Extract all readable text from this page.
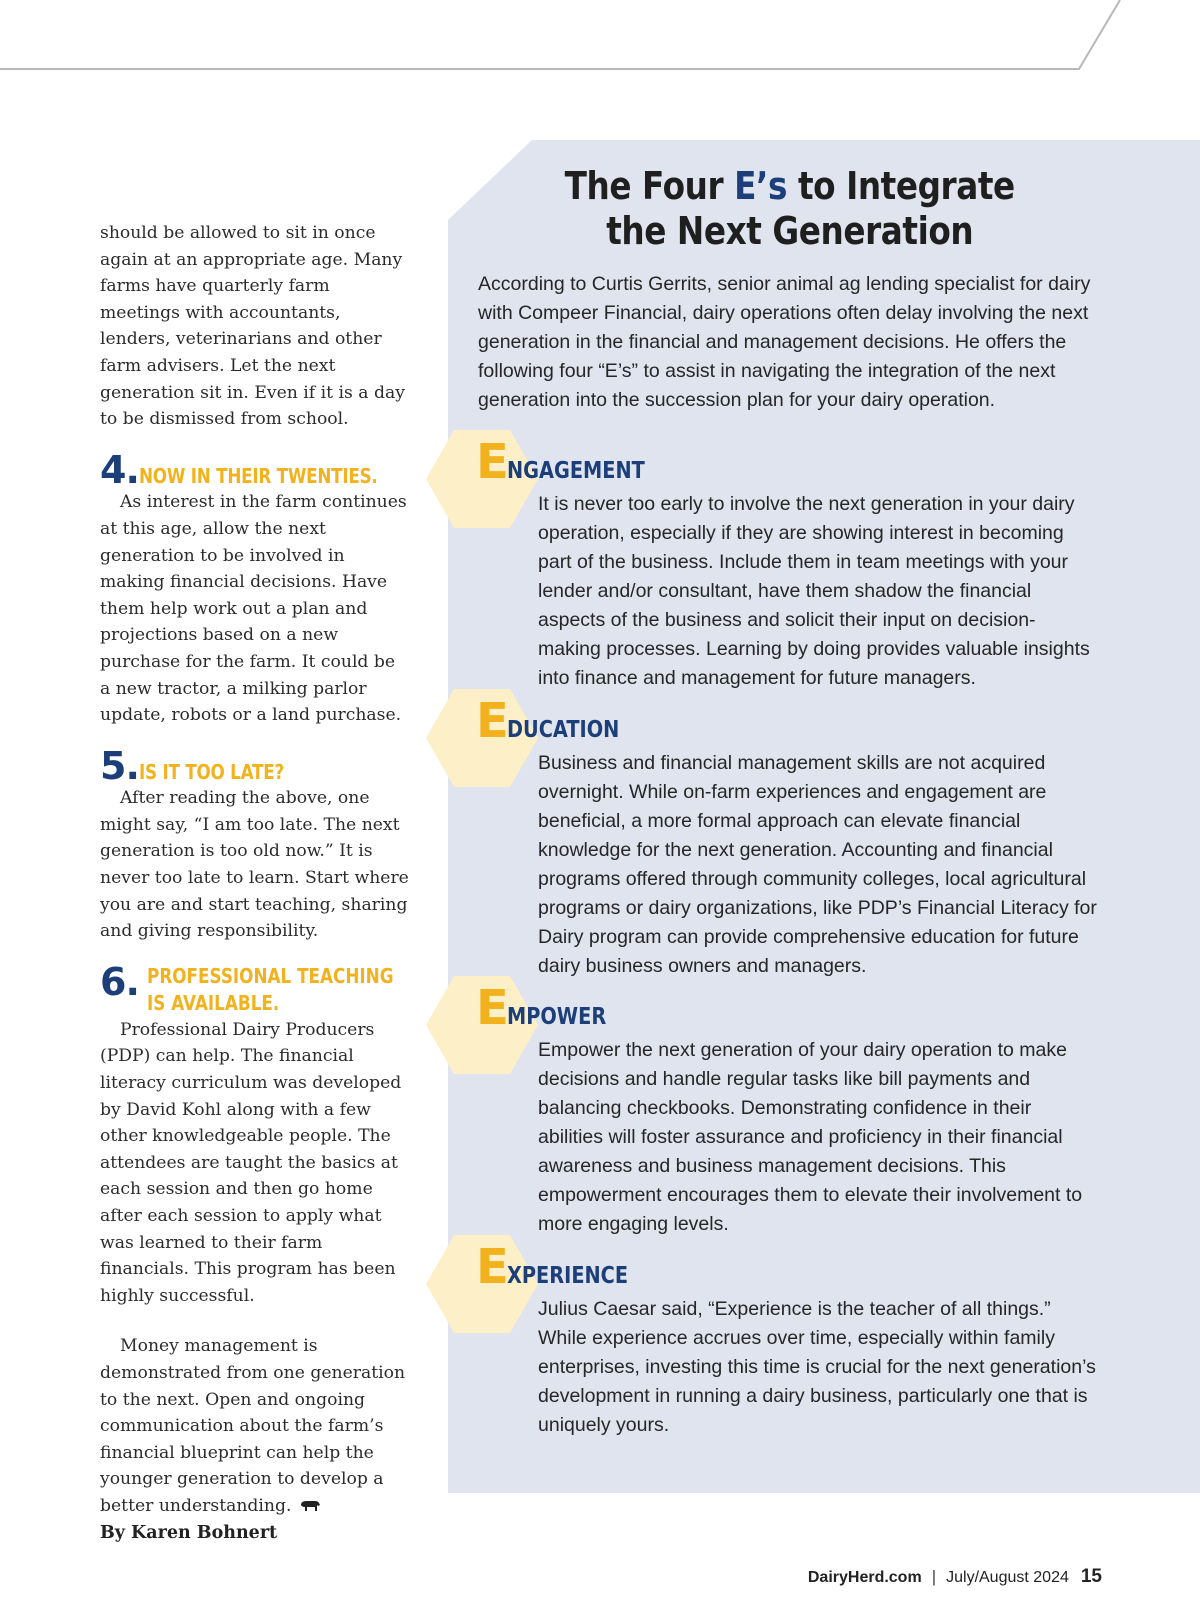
should be allowed to sit in once again at an appropriate age. Many farms have quarterly farm meetings with accountants, lenders, veterinarians and other farm advisers. Let the next generation sit in. Even if it is a day to be dismissed from school.

4. NOW IN THEIR TWENTIES.

As interest in the farm continues at this age, allow the next generation to be involved in making financial decisions. Have them help work out a plan and projections based on a new purchase for the farm. It could be a new tractor, a milking parlor update, robots or a land purchase.

5. IS IT TOO LATE?

After reading the above, one might say, “I am too late. The next generation is too old now.” It is never too late to learn. Start where you are and start teaching, sharing and giving responsibility.

6. PROFESSIONAL TEACHING
IS AVAILABLE.

Professional Dairy Producers (PDP) can help. The financial literacy curriculum was developed by David Kohl along with a few other knowledgeable people. The attendees are taught the basics at each session and then go home after each session to apply what was learned to their farm financials. This program has been highly successful.

Money management is demonstrated from one generation to the next. Open and ongoing communication about the farm’s financial blueprint can help the younger generation to develop a better understanding.

By Karen Bohnert

The Four E’s to Integrate
the Next Generation

According to Curtis Gerrits, senior animal ag lending specialist for dairy with Compeer Financial, dairy operations often delay involving the next generation in the financial and management decisions. He offers the following four “E’s” to assist in navigating the integration of the next generation into the succession plan for your dairy operation.

ENGAGEMENT

It is never too early to involve the next generation in your dairy operation, especially if they are showing interest in becoming part of the business. Include them in team meetings with your lender and/or consultant, have them shadow the financial aspects of the business and solicit their input on decision-making processes. Learning by doing provides valuable insights into finance and management for future managers.

EDUCATION

Business and financial management skills are not acquired overnight. While on-farm experiences and engagement are beneficial, a more formal approach can elevate financial knowledge for the next generation. Accounting and financial programs offered through community colleges, local agricultural programs or dairy organizations, like PDP’s Financial Literacy for Dairy program can provide comprehensive education for future dairy business owners and managers.

EMPOWER

Empower the next generation of your dairy operation to make decisions and handle regular tasks like bill payments and balancing checkbooks. Demonstrating confidence in their abilities will foster assurance and proficiency in their financial awareness and business management decisions. This empowerment encourages them to elevate their involvement to more engaging levels.

EXPERIENCE

Julius Caesar said, “Experience is the teacher of all things.” While experience accrues over time, especially within family enterprises, investing this time is crucial for the next generation’s development in running a dairy business, particularly one that is uniquely yours.

DairyHerd.com | July/August 2024 15
